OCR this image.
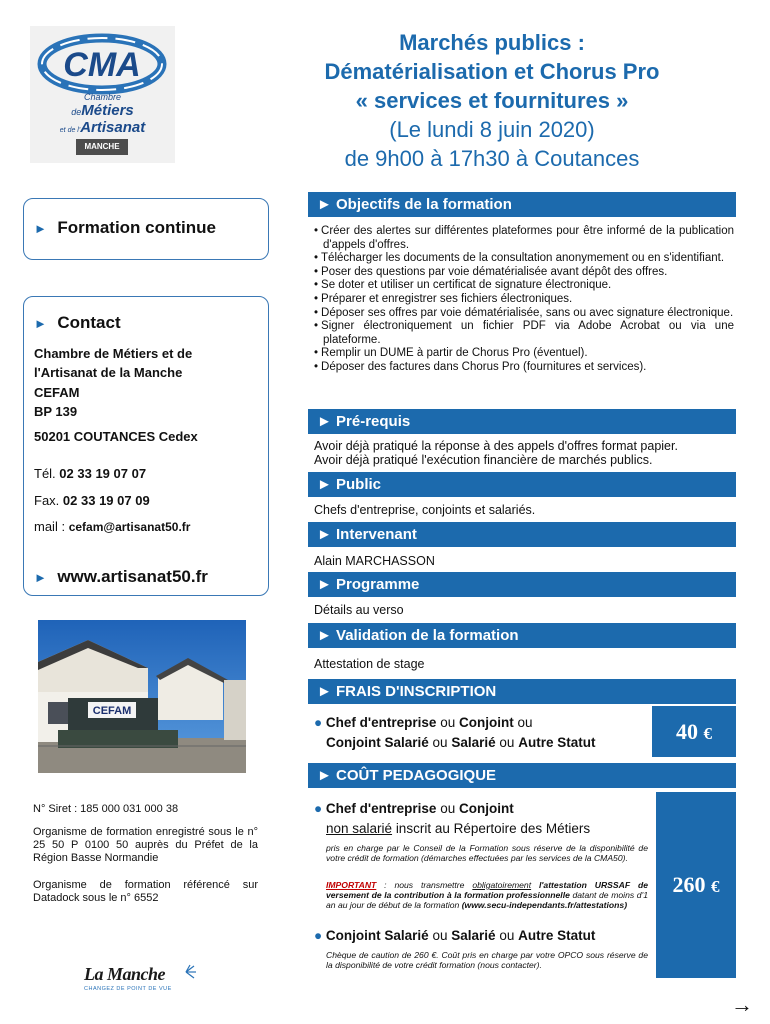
CMA
Chambre
deMétiers
et de l'Artisanat
MANCHE
Marchés publics :
Dématérialisation et Chorus Pro
« services et fournitures »
(Le lundi 8 juin 2020)
de 9h00 à 17h30 à Coutances
► Formation continue
► Contact
Chambre de Métiers et de
l'Artisanat de la Manche
CEFAM
BP 139
50201 COUTANCES Cedex
Tél. 02 33 19 07 07
Fax. 02 33 19 07 09
mail : cefam@artisanat50.fr
► www.artisanat50.fr
CEFAM
N° Siret : 185 000 031 000 38
Organisme de formation enregistré sous le n° 25 50 P 0100 50 auprès du Préfet de la Région Basse Normandie
Organisme de formation référencé sur Datadock sous le n° 6552
La Manche
CHANGEZ DE POINT DE VUE
► Objectifs de la formation
• Créer des alertes sur différentes plateformes pour être informé de la publication d'appels d'offres.
• Télécharger les documents de la consultation anonymement ou en s'identifiant.
• Poser des questions par voie dématérialisée avant dépôt des offres.
• Se doter et utiliser un certificat de signature électronique.
• Préparer et enregistrer ses fichiers électroniques.
• Déposer ses offres par voie dématérialisée, sans ou avec signature électronique.
• Signer électroniquement un fichier PDF via Adobe Acrobat ou via une plateforme.
• Remplir un DUME à partir de Chorus Pro (éventuel).
• Déposer des factures dans Chorus Pro (fournitures et services).
► Pré-requis
Avoir déjà pratiqué la réponse à des appels d'offres format papier.
Avoir déjà pratiqué l'exécution financière de marchés publics.
► Public
Chefs d'entreprise, conjoints et salariés.
► Intervenant
Alain MARCHASSON
► Programme
Détails au verso
► Validation de la formation
Attestation de stage
► FRAIS D'INSCRIPTION
● Chef d'entreprise ou Conjoint ou
Conjoint Salarié ou Salarié ou Autre Statut	40 €
► COÛT PEDAGOGIQUE
260 €
● Chef d'entreprise ou Conjoint
non salarié inscrit au Répertoire des Métiers
pris en charge par le Conseil de la Formation sous réserve de la disponibilité de votre crédit de formation (démarches effectuées par les services de la CMA50).
IMPORTANT : nous transmettre obligatoirement l'attestation URSSAF de versement de la contribution à la formation professionnelle datant de moins d'1 an au jour de début de la formation (www.secu-independants.fr/attestations)
● Conjoint Salarié ou Salarié ou Autre Statut
Chèque de caution de 260 €. Coût pris en charge par votre OPCO sous réserve de la disponibilité de votre crédit formation (nous contacter).
→
